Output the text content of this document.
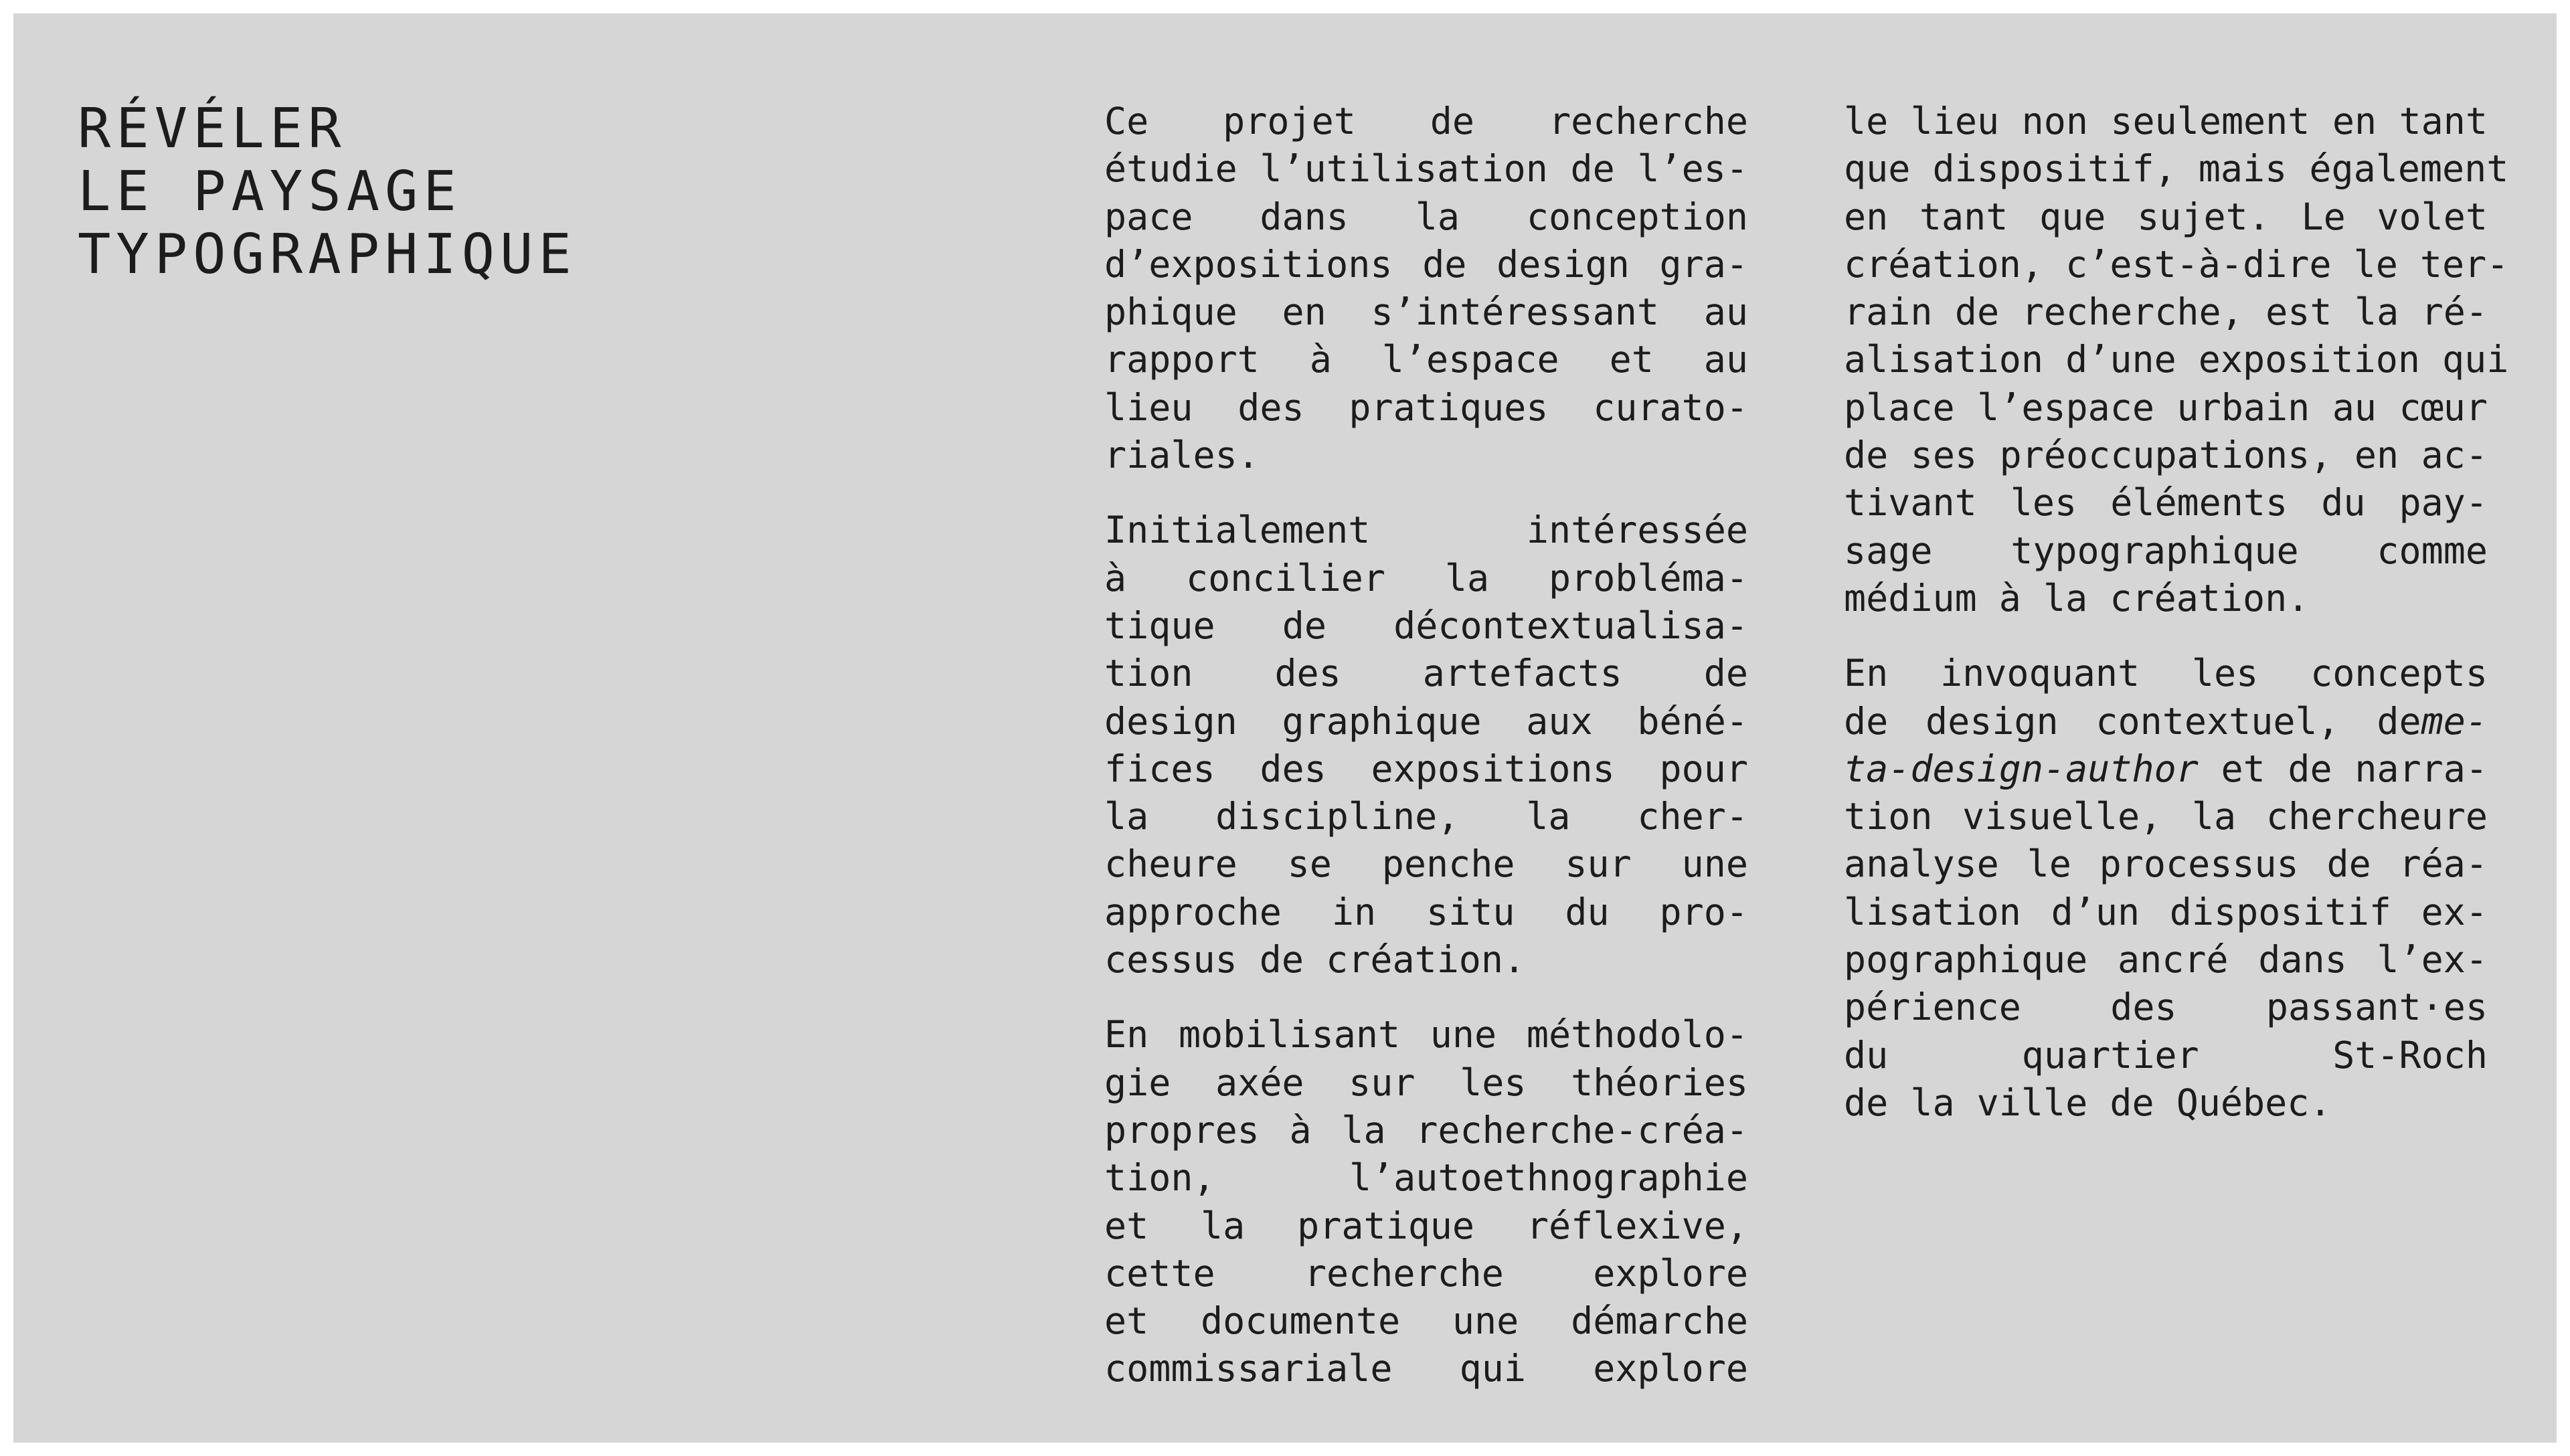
RÉVÉLER
LE PAYSAGE
TYPOGRAPHIQUE
Ce projet de recherche
étudie l’utilisation de l’es-
pace dans la conception
d’expositions de design gra-
phique en s’intéressant au
rapport à l’espace et au
lieu des pratiques curato-
riales.
Initialement intéressée
à concilier la probléma-
tique de décontextualisa-
tion des artefacts de
design graphique aux béné-
fices des expositions pour
la discipline, la cher-
cheure se penche sur une
approche in situ du pro-
cessus de création.
En mobilisant une méthodolo-
gie axée sur les théories
propres à la recherche-créa-
tion, l’autoethnographie
et la pratique réflexive,
cette recherche explore
et documente une démarche
commissariale qui explore
le lieu non seulement en tant
que dispositif, mais également
en tant que sujet. Le volet
création, c’est-à-dire le ter-
rain de recherche, est la ré-
alisation d’une exposition qui
place l’espace urbain au cœur
de ses préoccupations, en ac-
tivant les éléments du pay-
sage typographique comme
médium à la création.
En invoquant les concepts
de design contextuel, deme-
ta-design-author et de narra-
tion visuelle, la chercheure
analyse le processus de réa-
lisation d’un dispositif ex-
pographique ancré dans l’ex-
périence des passant·es
du quartier St-Roch
de la ville de Québec.
